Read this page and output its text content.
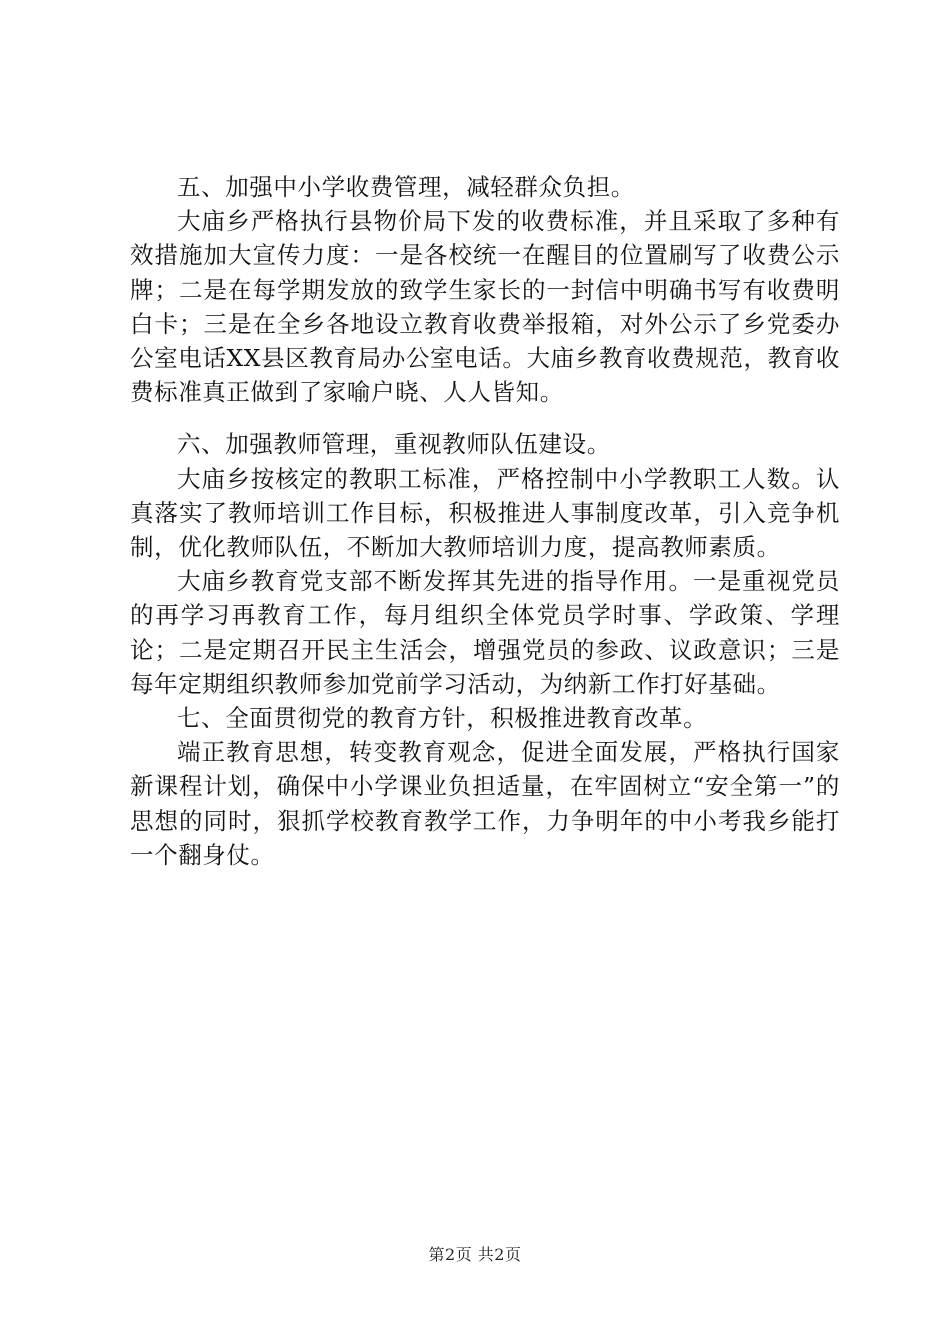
五、加强中小学收费管理，减轻群众负担。

大庙乡严格执行县物价局下发的收费标准，并且采取了多种有效措施加大宣传力度：一是各校统一在醒目的位置刷写了收费公示牌；二是在每学期发放的致学生家长的一封信中明确书写有收费明白卡；三是在全乡各地设立教育收费举报箱，对外公示了乡党委办公室电话XX县区教育局办公室电话。大庙乡教育收费规范，教育收费标准真正做到了家喻户晓、人人皆知。

六、加强教师管理，重视教师队伍建设。

大庙乡按核定的教职工标准，严格控制中小学教职工人数。认真落实了教师培训工作目标，积极推进人事制度改革，引入竞争机制，优化教师队伍，不断加大教师培训力度，提高教师素质。

大庙乡教育党支部不断发挥其先进的指导作用。一是重视党员的再学习再教育工作，每月组织全体党员学时事、学政策、学理论；二是定期召开民主生活会，增强党员的参政、议政意识；三是每年定期组织教师参加党前学习活动，为纳新工作打好基础。

七、全面贯彻党的教育方针，积极推进教育改革。

端正教育思想，转变教育观念，促进全面发展，严格执行国家新课程计划，确保中小学课业负担适量，在牢固树立“安全第一”的思想的同时，狠抓学校教育教学工作，力争明年的中小考我乡能打一个翻身仗。

第2页 共2页
